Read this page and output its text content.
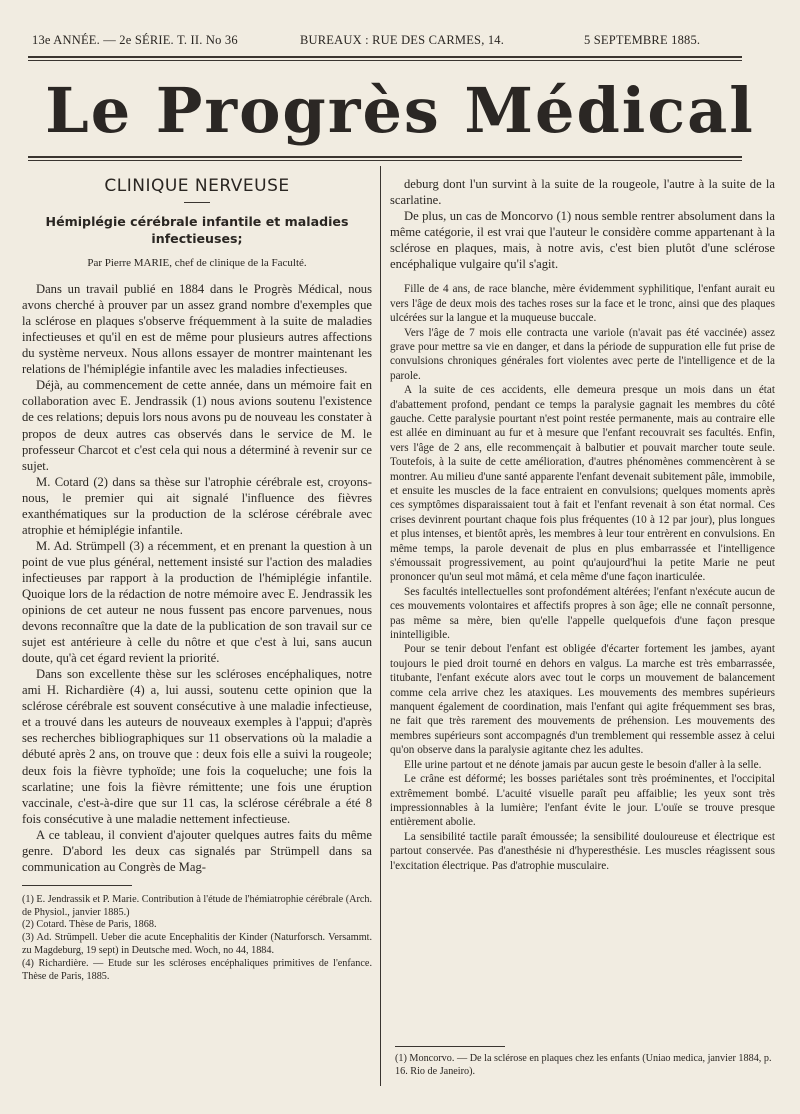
13e ANNÉE. — 2e SÉRIE. T. II. No 36	BUREAUX : RUE DES CARMES, 14.	5 SEPTEMBRE 1885.
Le Progrès Médical
CLINIQUE NERVEUSE
Hémiplégie cérébrale infantile et maladies infectieuses;
Par Pierre MARIE, chef de clinique de la Faculté.

Dans un travail publié en 1884 dans le Progrès Médical, nous avons cherché à prouver par un assez grand nombre d'exemples que la sclérose en plaques s'observe fréquemment à la suite de maladies infectieuses et qu'il en est de même pour plusieurs autres affections du système nerveux. Nous allons essayer de montrer maintenant les relations de l'hémiplégie infantile avec les maladies infectieuses.

Déjà, au commencement de cette année, dans un mémoire fait en collaboration avec E. Jendrassik (1) nous avions soutenu l'existence de ces relations; depuis lors nous avons pu de nouveau les constater à propos de deux autres cas observés dans le service de M. le professeur Charcot et c'est cela qui nous a déterminé à revenir sur ce sujet.

M. Cotard (2) dans sa thèse sur l'atrophie cérébrale est, croyons-nous, le premier qui ait signalé l'influence des fièvres exanthématiques sur la production de la sclérose cérébrale avec atrophie et hémiplégie infantile.

M. Ad. Strümpell (3) a récemment, et en prenant la question à un point de vue plus général, nettement insisté sur l'action des maladies infectieuses par rapport à la production de l'hémiplégie infantile. Quoique lors de la rédaction de notre mémoire avec E. Jendrassik les opinions de cet auteur ne nous fussent pas encore parvenues, nous devons reconnaître que la date de la publication de son travail sur ce sujet est antérieure à celle du nôtre et que c'est à lui, sans aucun doute, qu'à cet égard revient la priorité.

Dans son excellente thèse sur les scléroses encéphaliques, notre ami H. Richardière (4) a, lui aussi, soutenu cette opinion que la sclérose cérébrale est souvent consécutive à une maladie infectieuse, et a trouvé dans les auteurs de nouveaux exemples à l'appui; d'après ses recherches bibliographiques sur 11 observations où la maladie a débuté après 2 ans, on trouve que : deux fois elle a suivi la rougeole; deux fois la fièvre typhoïde; une fois la coqueluche; une fois la scarlatine; une fois la fièvre rémittente; une fois une éruption vaccinale, c'est-à-dire que sur 11 cas, la sclérose cérébrale a été 8 fois consécutive à une maladie nettement infectieuse.

A ce tableau, il convient d'ajouter quelques autres faits du même genre. D'abord les deux cas signalés par Strümpell dans sa communication au Congrès de Mag-

(1) E. Jendrassik et P. Marie. Contribution à l'étude de l'hémiatrophie cérébrale (Arch. de Physiol., janvier 1885.)

(2) Cotard. Thèse de Paris, 1868.

(3) Ad. Strümpell. Ueber die acute Encephalitis der Kinder (Naturforsch. Versammt. zu Magdeburg, 19 sept) in Deutsche med. Woch, no 44, 1884.

(4) Richardière. — Etude sur les scléroses encéphaliques primitives de l'enfance. Thèse de Paris, 1885.

deburg dont l'un survint à la suite de la rougeole, l'autre à la suite de la scarlatine.

De plus, un cas de Moncorvo (1) nous semble rentrer absolument dans la même catégorie, il est vrai que l'auteur le considère comme appartenant à la sclérose en plaques, mais, à notre avis, c'est bien plutôt d'une sclérose encéphalique vulgaire qu'il s'agit.

Fille de 4 ans, de race blanche, mère évidemment syphilitique, l'enfant aurait eu vers l'âge de deux mois des taches roses sur la face et le tronc, ainsi que des plaques ulcérées sur la langue et la muqueuse buccale.

Vers l'âge de 7 mois elle contracta une variole (n'avait pas été vaccinée) assez grave pour mettre sa vie en danger, et dans la période de suppuration elle fut prise de convulsions chroniques générales fort violentes avec perte de l'intelligence et de la parole.

A la suite de ces accidents, elle demeura presque un mois dans un état d'abattement profond, pendant ce temps la paralysie gagnait les membres du côté gauche. Cette paralysie pourtant n'est point restée permanente, mais au contraire elle est allée en diminuant au fur et à mesure que l'enfant recouvrait ses facultés. Enfin, vers l'âge de 2 ans, elle recommençait à balbutier et pouvait marcher toute seule. Toutefois, à la suite de cette amélioration, d'autres phénomènes commencèrent à se montrer. Au milieu d'une santé apparente l'enfant devenait subitement pâle, immobile, et ensuite les muscles de la face entraient en convulsions; quelques moments après ces symptômes disparaissaient tout à fait et l'enfant revenait à son état normal. Ces crises devinrent pourtant chaque fois plus fréquentes (10 à 12 par jour), plus longues et plus intenses, et bientôt après, les membres à leur tour entrèrent en convulsions. En même temps, la parole devenait de plus en plus embarrassée et l'intelligence s'émoussait progressivement, au point qu'aujourd'hui la petite Marie ne peut prononcer qu'un seul mot mâmá, et cela même d'une façon inarticulée.

Ses facultés intellectuelles sont profondément altérées; l'enfant n'exécute aucun de ces mouvements volontaires et affectifs propres à son âge; elle ne connaît personne, pas même sa mère, bien qu'elle l'appelle quelquefois d'une façon presque inintelligible.

Pour se tenir debout l'enfant est obligée d'écarter fortement les jambes, ayant toujours le pied droit tourné en dehors en valgus. La marche est très embarrassée, titubante, l'enfant exécute alors avec tout le corps un mouvement de balancement comme cela arrive chez les ataxiques. Les mouvements des membres supérieurs manquent également de coordination, mais l'enfant qui agite fréquemment ses bras, ne fait que très rarement des mouvements de préhension. Les mouvements des membres supérieurs sont accompagnés d'un tremblement qui ressemble assez à celui qu'on observe dans la paralysie agitante chez les adultes.

Elle urine partout et ne dénote jamais par aucun geste le besoin d'aller à la selle.

Le crâne est déformé; les bosses pariétales sont très proéminentes, et l'occipital extrêmement bombé. L'acuité visuelle paraît peu affaiblie; les yeux sont très impressionnables à la lumière; l'enfant évite le jour. L'ouïe se trouve presque entièrement abolie.

La sensibilité tactile paraît émoussée; la sensibilité douloureuse et électrique est partout conservée. Pas d'anesthésie ni d'hyperesthésie. Les muscles réagissent sous l'excitation électrique. Pas d'atrophie musculaire.

(1) Moncorvo. — De la sclérose en plaques chez les enfants (Uniao medica, janvier 1884, p. 16. Rio de Janeiro).
